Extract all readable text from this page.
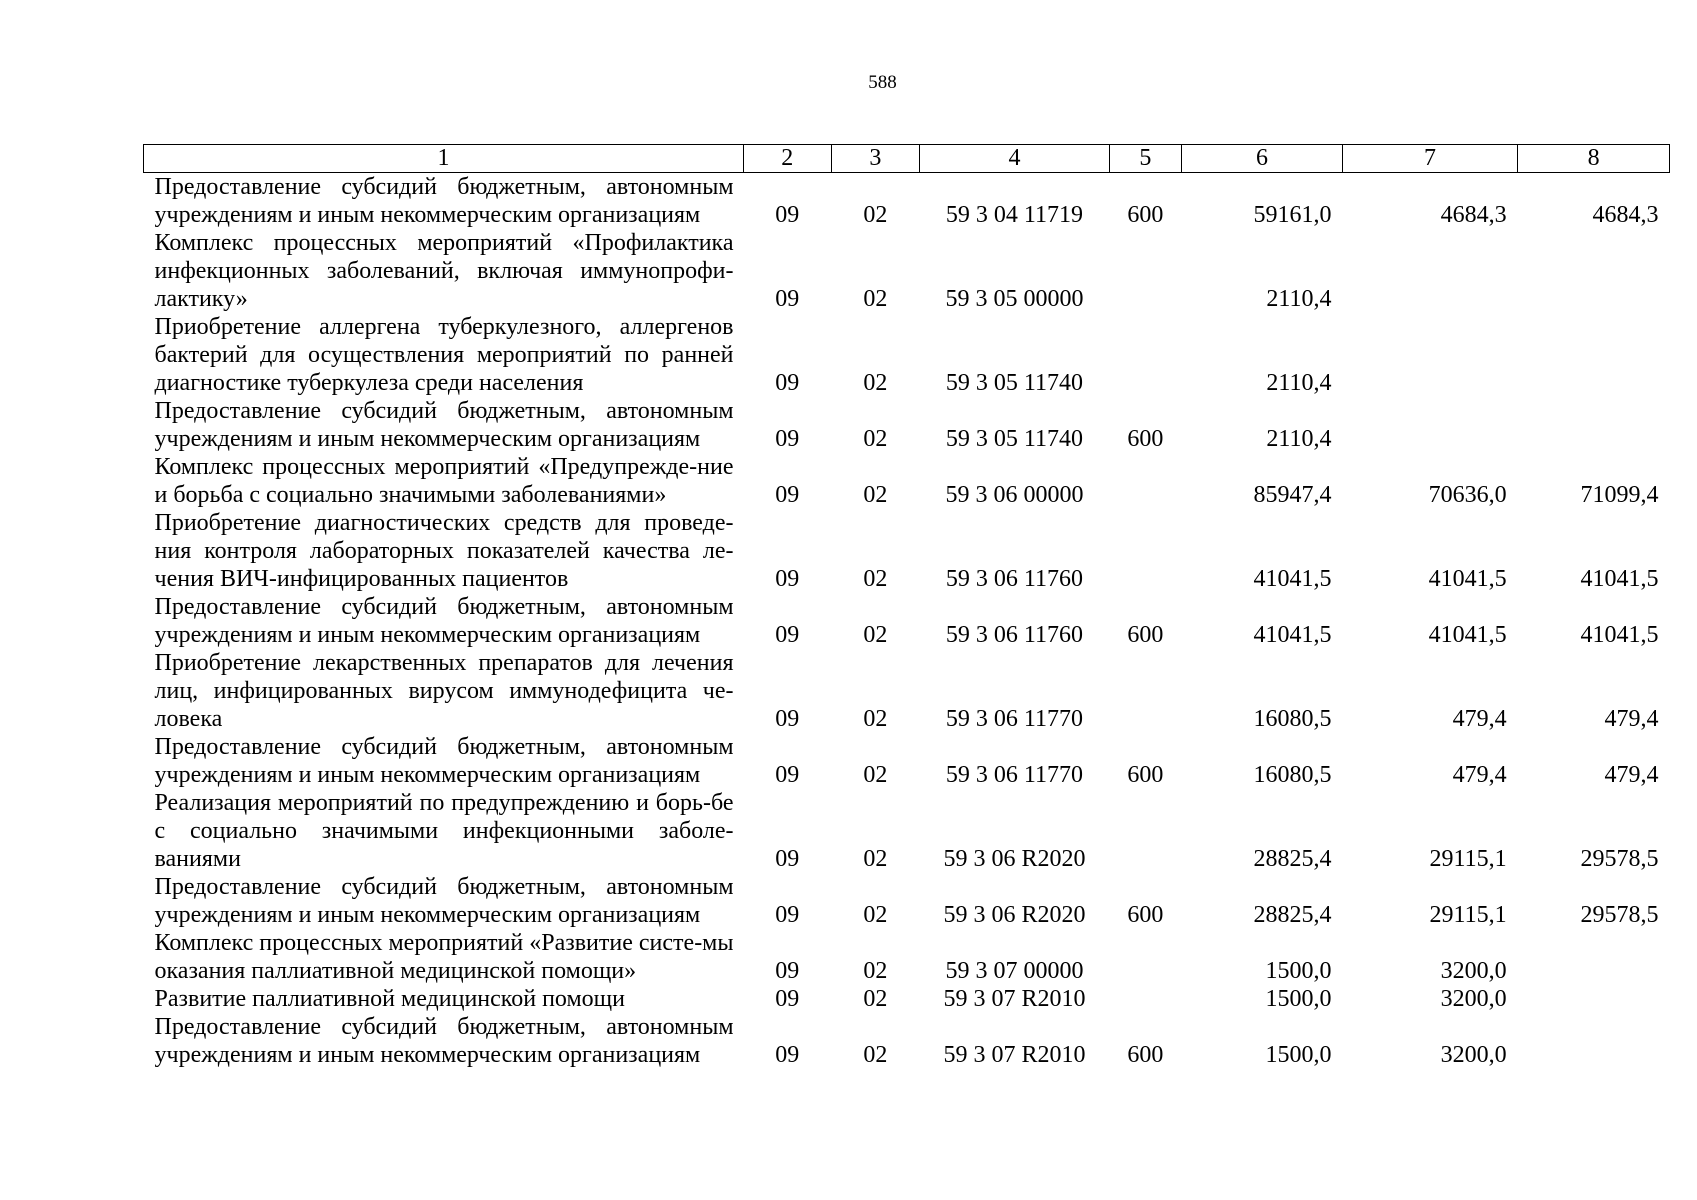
588
1	2	3	4	5	6	7	8
Предоставление субсидий бюджетным, автономным учреждениям и иным некоммерческим организациям	09	02	59 3 04 11719	600	59161,0	4684,3	4684,3
Комплекс процессных мероприятий «Профилактика инфекционных заболеваний, включая иммунопрофи-лактику»	09	02	59 3 05 00000		2110,4		
Приобретение аллергена туберкулезного, аллергенов бактерий для осуществления мероприятий по ранней диагностике туберкулеза среди населения	09	02	59 3 05 11740		2110,4		
Предоставление субсидий бюджетным, автономным учреждениям и иным некоммерческим организациям	09	02	59 3 05 11740	600	2110,4		
Комплекс процессных мероприятий «Предупрежде-ние и борьба с социально значимыми заболеваниями»	09	02	59 3 06 00000		85947,4	70636,0	71099,4
Приобретение диагностических средств для проведе-ния контроля лабораторных показателей качества ле-чения ВИЧ-инфицированных пациентов	09	02	59 3 06 11760		41041,5	41041,5	41041,5
Предоставление субсидий бюджетным, автономным учреждениям и иным некоммерческим организациям	09	02	59 3 06 11760	600	41041,5	41041,5	41041,5
Приобретение лекарственных препаратов для лечения лиц, инфицированных вирусом иммунодефицита че-ловека	09	02	59 3 06 11770		16080,5	479,4	479,4
Предоставление субсидий бюджетным, автономным учреждениям и иным некоммерческим организациям	09	02	59 3 06 11770	600	16080,5	479,4	479,4
Реализация мероприятий по предупреждению и борь-бе с социально значимыми инфекционными заболе-ваниями	09	02	59 3 06 R2020		28825,4	29115,1	29578,5
Предоставление субсидий бюджетным, автономным учреждениям и иным некоммерческим организациям	09	02	59 3 06 R2020	600	28825,4	29115,1	29578,5
Комплекс процессных мероприятий «Развитие систе-мы оказания паллиативной медицинской помощи»	09	02	59 3 07 00000		1500,0	3200,0	
Развитие паллиативной медицинской помощи	09	02	59 3 07 R2010		1500,0	3200,0	
Предоставление субсидий бюджетным, автономным учреждениям и иным некоммерческим организациям	09	02	59 3 07 R2010	600	1500,0	3200,0	
